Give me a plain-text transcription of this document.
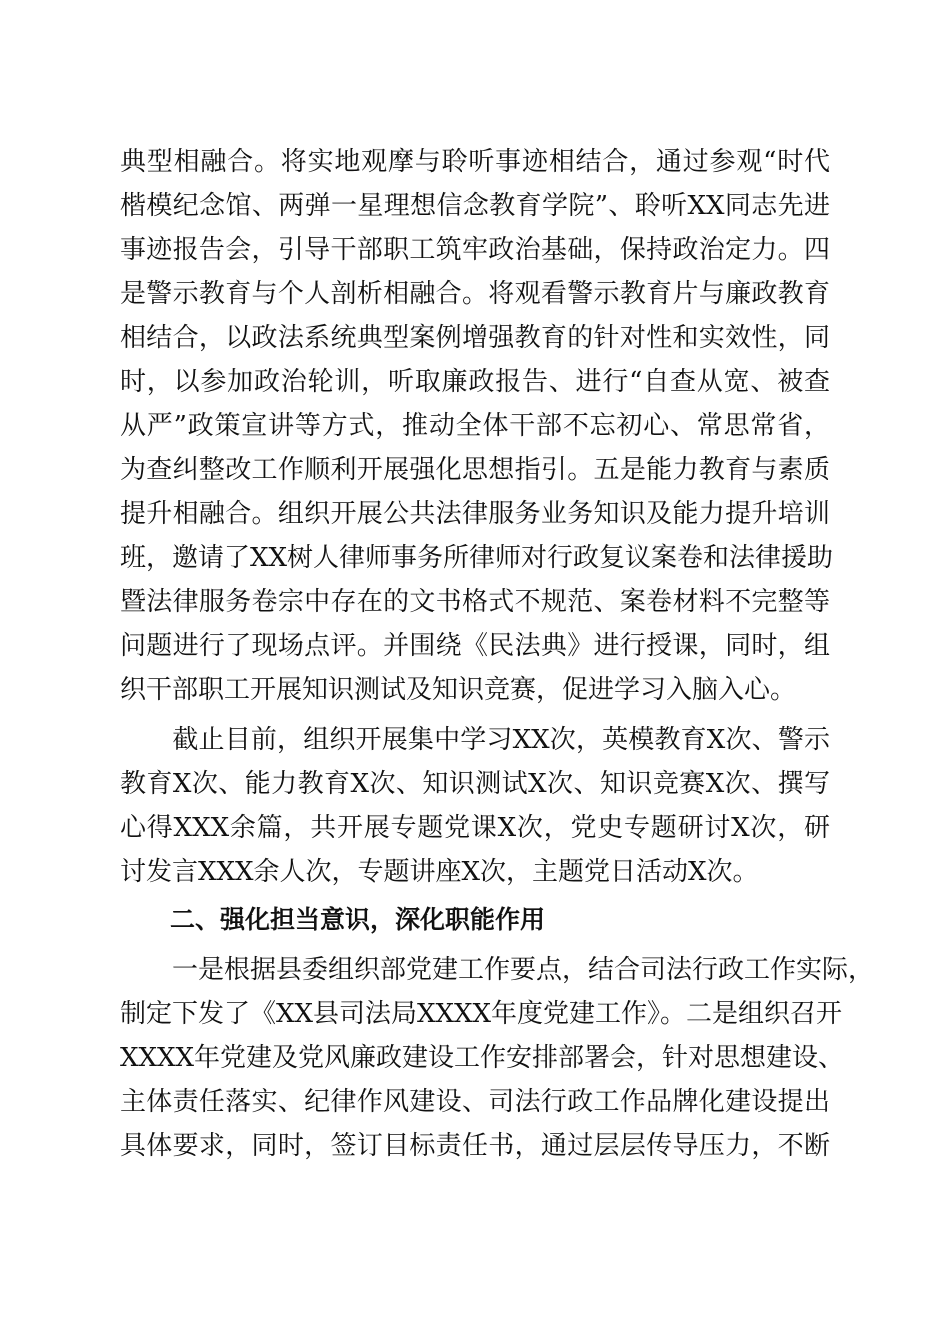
典型相融合。将实地观摩与聆听事迹相结合，通过参观“时代
楷模纪念馆、两弹一星理想信念教育学院”、聆听XX同志先进
事迹报告会，引导干部职工筑牢政治基础，保持政治定力。四
是警示教育与个人剖析相融合。将观看警示教育片与廉政教育
相结合，以政法系统典型案例增强教育的针对性和实效性，同
时，以参加政治轮训，听取廉政报告、进行“自查从宽、被查
从严”政策宣讲等方式，推动全体干部不忘初心、常思常省，
为查纠整改工作顺利开展强化思想指引。五是能力教育与素质
提升相融合。组织开展公共法律服务业务知识及能力提升培训
班，邀请了XX树人律师事务所律师对行政复议案卷和法律援助
暨法律服务卷宗中存在的文书格式不规范、案卷材料不完整等
问题进行了现场点评。并围绕《民法典》进行授课，同时，组
织干部职工开展知识测试及知识竞赛，促进学习入脑入心。
　　截止目前，组织开展集中学习XX次，英模教育X次、警示
教育X次、能力教育X次、知识测试X次、知识竞赛X次、撰写
心得XXX余篇，共开展专题党课X次，党史专题研讨X次，研
讨发言XXX余人次，专题讲座X次，主题党日活动X次。
　　二、强化担当意识，深化职能作用
　　一是根据县委组织部党建工作要点，结合司法行政工作实际，
制定下发了《XX县司法局XXXX年度党建工作》。二是组织召开
XXXX年党建及党风廉政建设工作安排部署会，针对思想建设、
主体责任落实、纪律作风建设、司法行政工作品牌化建设提出
具体要求，同时，签订目标责任书，通过层层传导压力，不断
